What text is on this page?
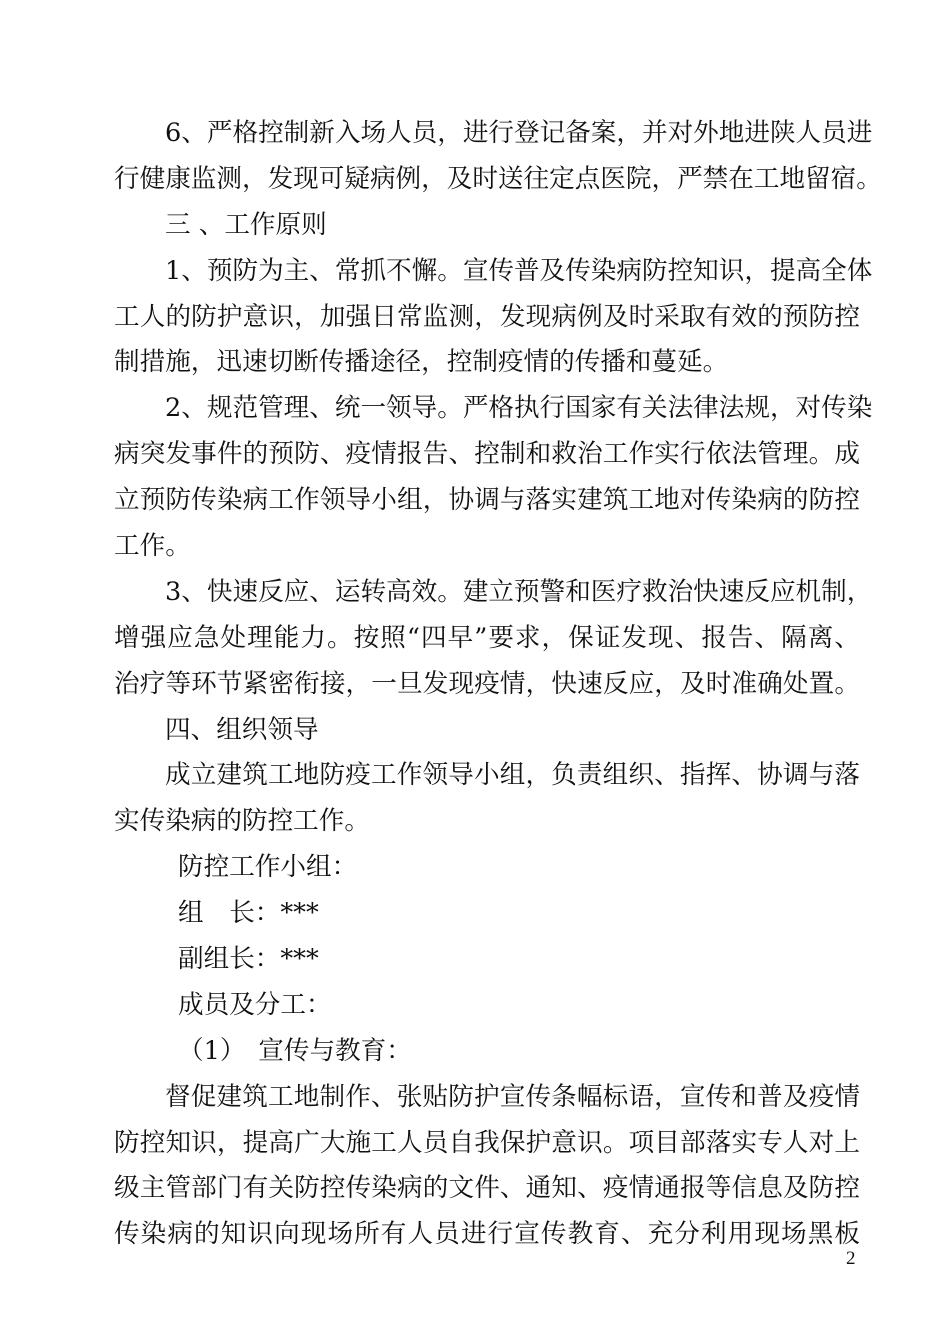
6、严格控制新入场人员，进行登记备案，并对外地进陕人员进

行健康监测，发现可疑病例，及时送往定点医院，严禁在工地留宿。

三 、工作原则

1、预防为主、常抓不懈。宣传普及传染病防控知识，提高全体

工人的防护意识，加强日常监测，发现病例及时采取有效的预防控

制措施，迅速切断传播途径，控制疫情的传播和蔓延。

2、规范管理、统一领导。严格执行国家有关法律法规，对传染

病突发事件的预防、疫情报告、控制和救治工作实行依法管理。成

立预防传染病工作领导小组，协调与落实建筑工地对传染病的防控

工作。

3、快速反应、运转高效。建立预警和医疗救治快速反应机制，

增强应急处理能力。按照“四早”要求，保证发现、报告、隔离、

治疗等环节紧密衔接，一旦发现疫情，快速反应，及时准确处置。

四、组织领导

成立建筑工地防疫工作领导小组，负责组织、指挥、协调与落

实传染病的防控工作。

防控工作小组：

组　长：***

副组长：***

成员及分工：

（1）　宣传与教育：

督促建筑工地制作、张贴防护宣传条幅标语，宣传和普及疫情

防控知识，提高广大施工人员自我保护意识。项目部落实专人对上

级主管部门有关防控传染病的文件、通知、疫情通报等信息及防控

传染病的知识向现场所有人员进行宣传教育、充分利用现场黑板

2
